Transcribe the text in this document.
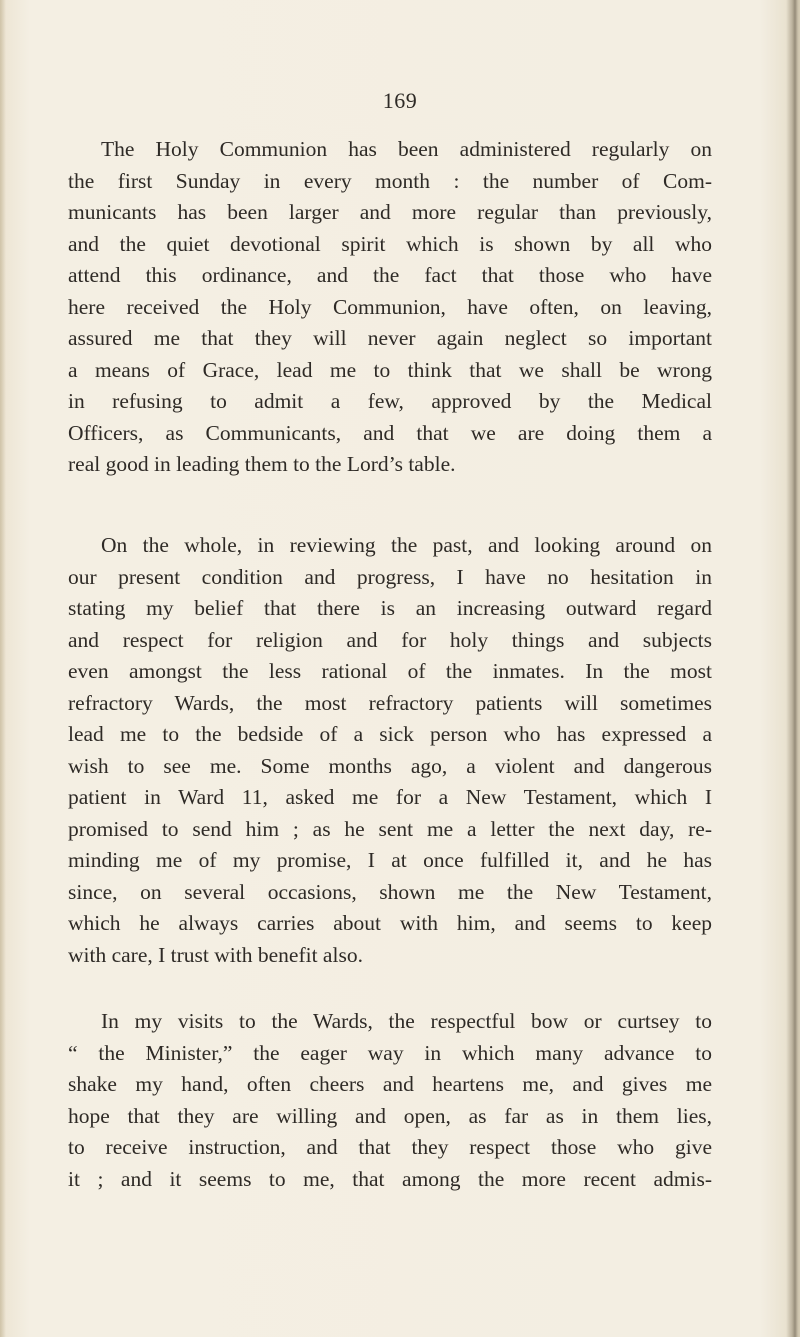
169
The Holy Communion has been administered regularly on
the first Sunday in every month : the number of Com-
municants has been larger and more regular than previously,
and the quiet devotional spirit which is shown by all who
attend this ordinance, and the fact that those who have
here received the Holy Communion, have often, on leaving,
assured me that they will never again neglect so important
a means of Grace, lead me to think that we shall be wrong
in refusing to admit a few, approved by the Medical
Officers, as Communicants, and that we are doing them a
real good in leading them to the Lord’s table.
On the whole, in reviewing the past, and looking around on
our present condition and progress, I have no hesitation in
stating my belief that there is an increasing outward regard
and respect for religion and for holy things and subjects
even amongst the less rational of the inmates. In the most
refractory Wards, the most refractory patients will sometimes
lead me to the bedside of a sick person who has expressed a
wish to see me. Some months ago, a violent and dangerous
patient in Ward 11, asked me for a New Testament, which I
promised to send him ; as he sent me a letter the next day, re-
minding me of my promise, I at once fulfilled it, and he has
since, on several occasions, shown me the New Testament,
which he always carries about with him, and seems to keep
with care, I trust with benefit also.
In my visits to the Wards, the respectful bow or curtsey to
“ the Minister,” the eager way in which many advance to
shake my hand, often cheers and heartens me, and gives me
hope that they are willing and open, as far as in them lies,
to receive instruction, and that they respect those who give
it ; and it seems to me, that among the more recent admis-
